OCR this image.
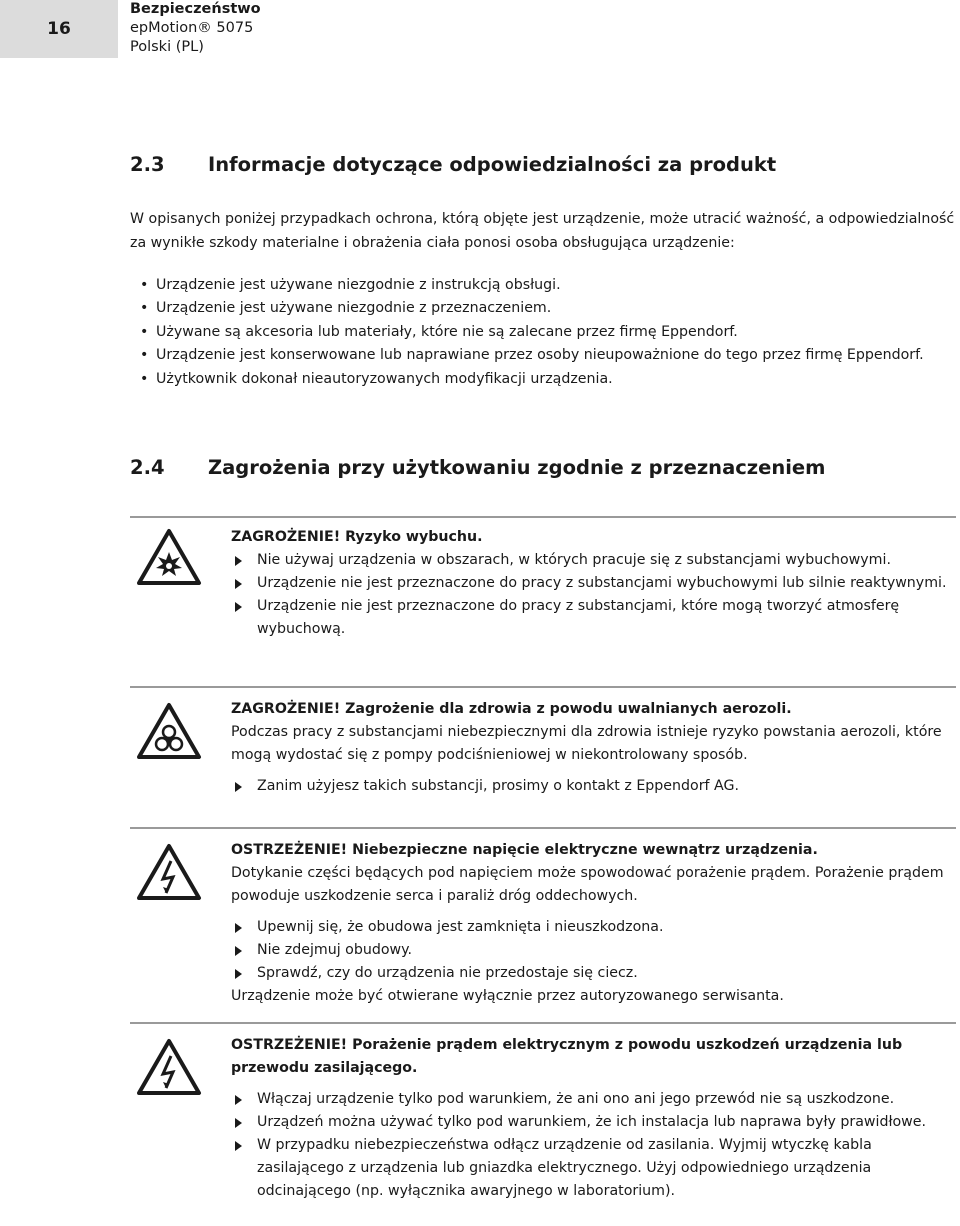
16
Bezpieczeństwo
epMotion® 5075
Polski (PL)
2.3 Informacje dotyczące odpowiedzialności za produkt

W opisanych poniżej przypadkach ochrona, którą objęte jest urządzenie, może utracić ważność, a odpowiedzialność za wynikłe szkody materialne i obrażenia ciała ponosi osoba obsługująca urządzenie:

• Urządzenie jest używane niezgodnie z instrukcją obsługi.
• Urządzenie jest używane niezgodnie z przeznaczeniem.
• Używane są akcesoria lub materiały, które nie są zalecane przez firmę Eppendorf.
• Urządzenie jest konserwowane lub naprawiane przez osoby nieupoważnione do tego przez firmę Eppendorf.
• Użytkownik dokonał nieautoryzowanych modyfikacji urządzenia.
2.4 Zagrożenia przy użytkowaniu zgodnie z przeznaczeniem

ZAGROŻENIE! Ryzyko wybuchu.

Nie używaj urządzenia w obszarach, w których pracuje się z substancjami wybuchowymi.
Urządzenie nie jest przeznaczone do pracy z substancjami wybuchowymi lub silnie reaktywnymi.
Urządzenie nie jest przeznaczone do pracy z substancjami, które mogą tworzyć atmosferę wybuchową.

ZAGROŻENIE! Zagrożenie dla zdrowia z powodu uwalnianych aerozoli.

Podczas pracy z substancjami niebezpiecznymi dla zdrowia istnieje ryzyko powstania aerozoli, które mogą wydostać się z pompy podciśnieniowej w niekontrolowany sposób.

Zanim użyjesz takich substancji, prosimy o kontakt z Eppendorf AG.

OSTRZEŻENIE! Niebezpieczne napięcie elektryczne wewnątrz urządzenia.

Dotykanie części będących pod napięciem może spowodować porażenie prądem. Porażenie prądem powoduje uszkodzenie serca i paraliż dróg oddechowych.

Upewnij się, że obudowa jest zamknięta i nieuszkodzona.
Nie zdejmuj obudowy.
Sprawdź, czy do urządzenia nie przedostaje się ciecz.

Urządzenie może być otwierane wyłącznie przez autoryzowanego serwisanta.

OSTRZEŻENIE! Porażenie prądem elektrycznym z powodu uszkodzeń urządzenia lub przewodu zasilającego.

Włączaj urządzenie tylko pod warunkiem, że ani ono ani jego przewód nie są uszkodzone.
Urządzeń można używać tylko pod warunkiem, że ich instalacja lub naprawa były prawidłowe.
W przypadku niebezpieczeństwa odłącz urządzenie od zasilania. Wyjmij wtyczkę kabla zasilającego z urządzenia lub gniazdka elektrycznego. Użyj odpowiedniego urządzenia odcinającego (np. wyłącznika awaryjnego w laboratorium).
